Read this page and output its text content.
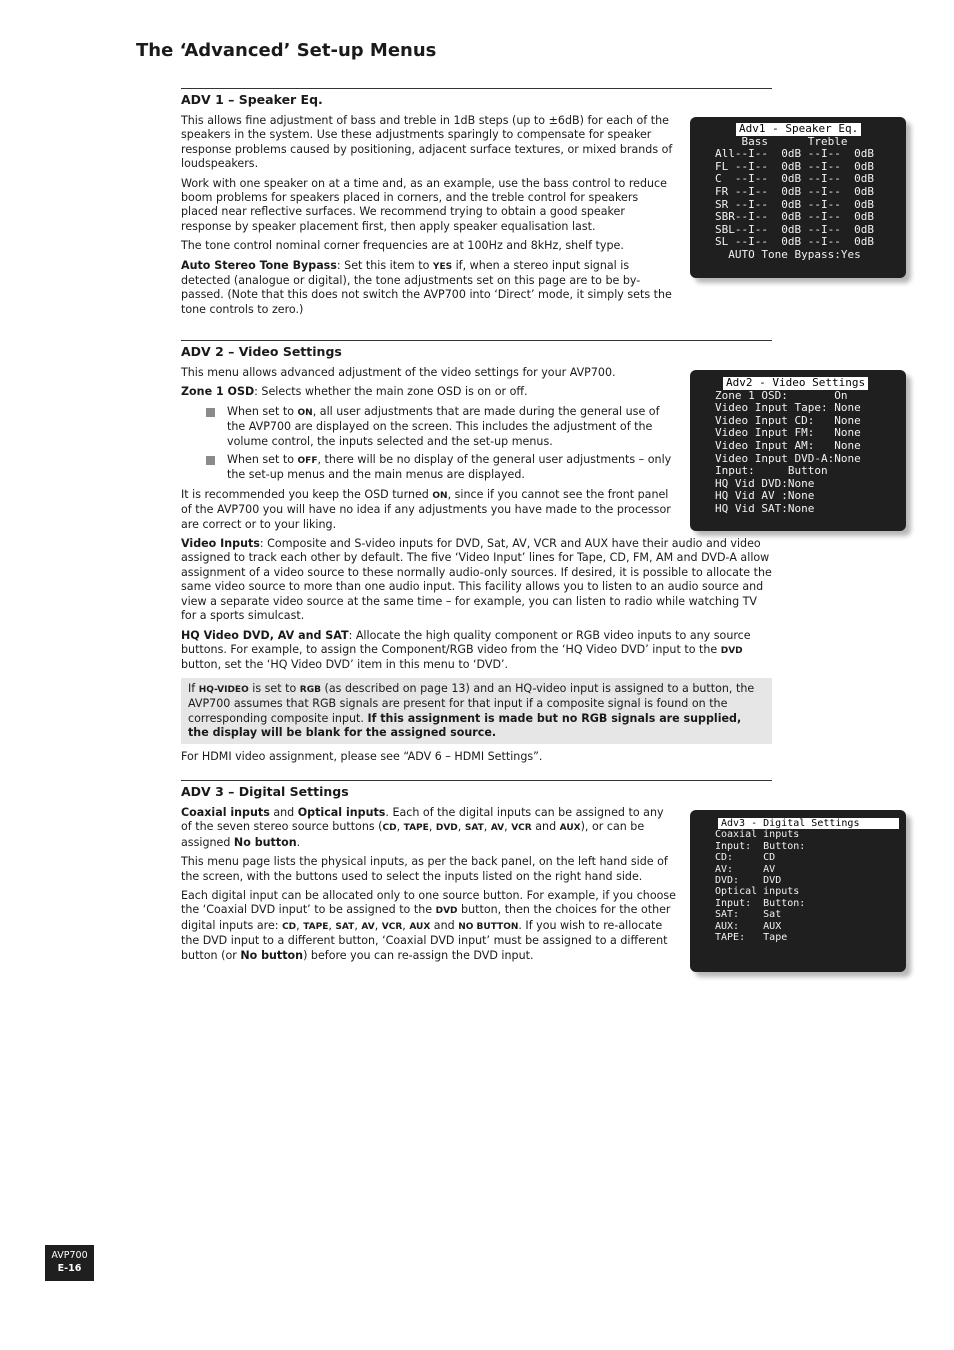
The ‘Advanced’ Set-up Menus
ADV 1 – Speaker Eq.

This allows fine adjustment of bass and treble in 1dB steps (up to ±6dB) for each of the speakers in the system. Use these adjustments sparingly to compensate for speaker response problems caused by positioning, adjacent surface textures, or mixed brands of loudspeakers.

Work with one speaker on at a time and, as an example, use the bass control to reduce boom problems for speakers placed in corners, and the treble control for speakers placed near reflective surfaces. We recommend trying to obtain a good speaker response by speaker placement first, then apply speaker equalisation last.

The tone control nominal corner frequencies are at 100Hz and 8kHz, shelf type.

Auto Stereo Tone Bypass: Set this item to YES if, when a stereo input signal is detected (analogue or digital), the tone adjustments set on this page are to be by-passed. (Note that this does not switch the AVP700 into ‘Direct’ mode, it simply sets the tone controls to zero.)

Adv1 - Speaker Eq.
Bass      Treble
All--I--  0dB --I--  0dB
FL --I--  0dB --I--  0dB
C  --I--  0dB --I--  0dB
FR --I--  0dB --I--  0dB
SR --I--  0dB --I--  0dB
SBR--I--  0dB --I--  0dB
SBL--I--  0dB --I--  0dB
SL --I--  0dB --I--  0dB
AUTO Tone Bypass:Yes
ADV 2 – Video Settings

This menu allows advanced adjustment of the video settings for your AVP700.

Zone 1 OSD: Selects whether the main zone OSD is on or off.

When set to ON, all user adjustments that are made during the general use of the AVP700 are displayed on the screen. This includes the adjustment of the volume control, the inputs selected and the set-up menus.
When set to OFF, there will be no display of the general user adjustments – only the set-up menus and the main menus are displayed.

It is recommended you keep the OSD turned ON, since if you cannot see the front panel of the AVP700 you will have no idea if any adjustments you have made to the processor are correct or to your liking.

Video Inputs: Composite and S-video inputs for DVD, Sat, AV, VCR and AUX have their audio and video assigned to track each other by default. The five ‘Video Input’ lines for Tape, CD, FM, AM and DVD-A allow assignment of a video source to these normally audio-only sources. If desired, it is possible to allocate the same video source to more than one audio input. This facility allows you to listen to an audio source and view a separate video source at the same time – for example, you can listen to radio while watching TV for a sports simulcast.

HQ Video DVD, AV and SAT: Allocate the high quality component or RGB video inputs to any source buttons. For example, to assign the Component/RGB video from the ‘HQ Video DVD’ input to the DVD button, set the ‘HQ Video DVD’ item in this menu to ‘DVD’.

If HQ-VIDEO is set to RGB (as described on page 13) and an HQ-video input is assigned to a button, the AVP700 assumes that RGB signals are present for that input if a composite signal is found on the corresponding composite input. If this assignment is made but no RGB signals are supplied, the display will be blank for the assigned source.

For HDMI video assignment, please see “ADV 6 – HDMI Settings”.

Adv2 - Video Settings
Zone 1 OSD:       On
Video Input Tape: None
Video Input CD:   None
Video Input FM:   None
Video Input AM:   None
Video Input DVD-A:None
Input:     Button
HQ Vid DVD:None
HQ Vid AV :None
HQ Vid SAT:None
ADV 3 – Digital Settings

Coaxial inputs and Optical inputs. Each of the digital inputs can be assigned to any of the seven stereo source buttons (CD, TAPE, DVD, SAT, AV, VCR and AUX), or can be assigned No button.

This menu page lists the physical inputs, as per the back panel, on the left hand side of the screen, with the buttons used to select the inputs listed on the right hand side.

Each digital input can be allocated only to one source button. For example, if you choose the ‘Coaxial DVD input’ to be assigned to the DVD button, then the choices for the other digital inputs are: CD, TAPE, SAT, AV, VCR, AUX and NO BUTTON. If you wish to re-allocate the DVD input to a different button, ‘Coaxial DVD input’ must be assigned to a different button (or No button) before you can re-assign the DVD input.

Adv3 - Digital Settings
Coaxial inputs
Input:  Button:
CD:     CD
AV:     AV
DVD:    DVD
Optical inputs
Input:  Button:
SAT:    Sat
AUX:    AUX
TAPE:   Tape
AVP700
E-16
